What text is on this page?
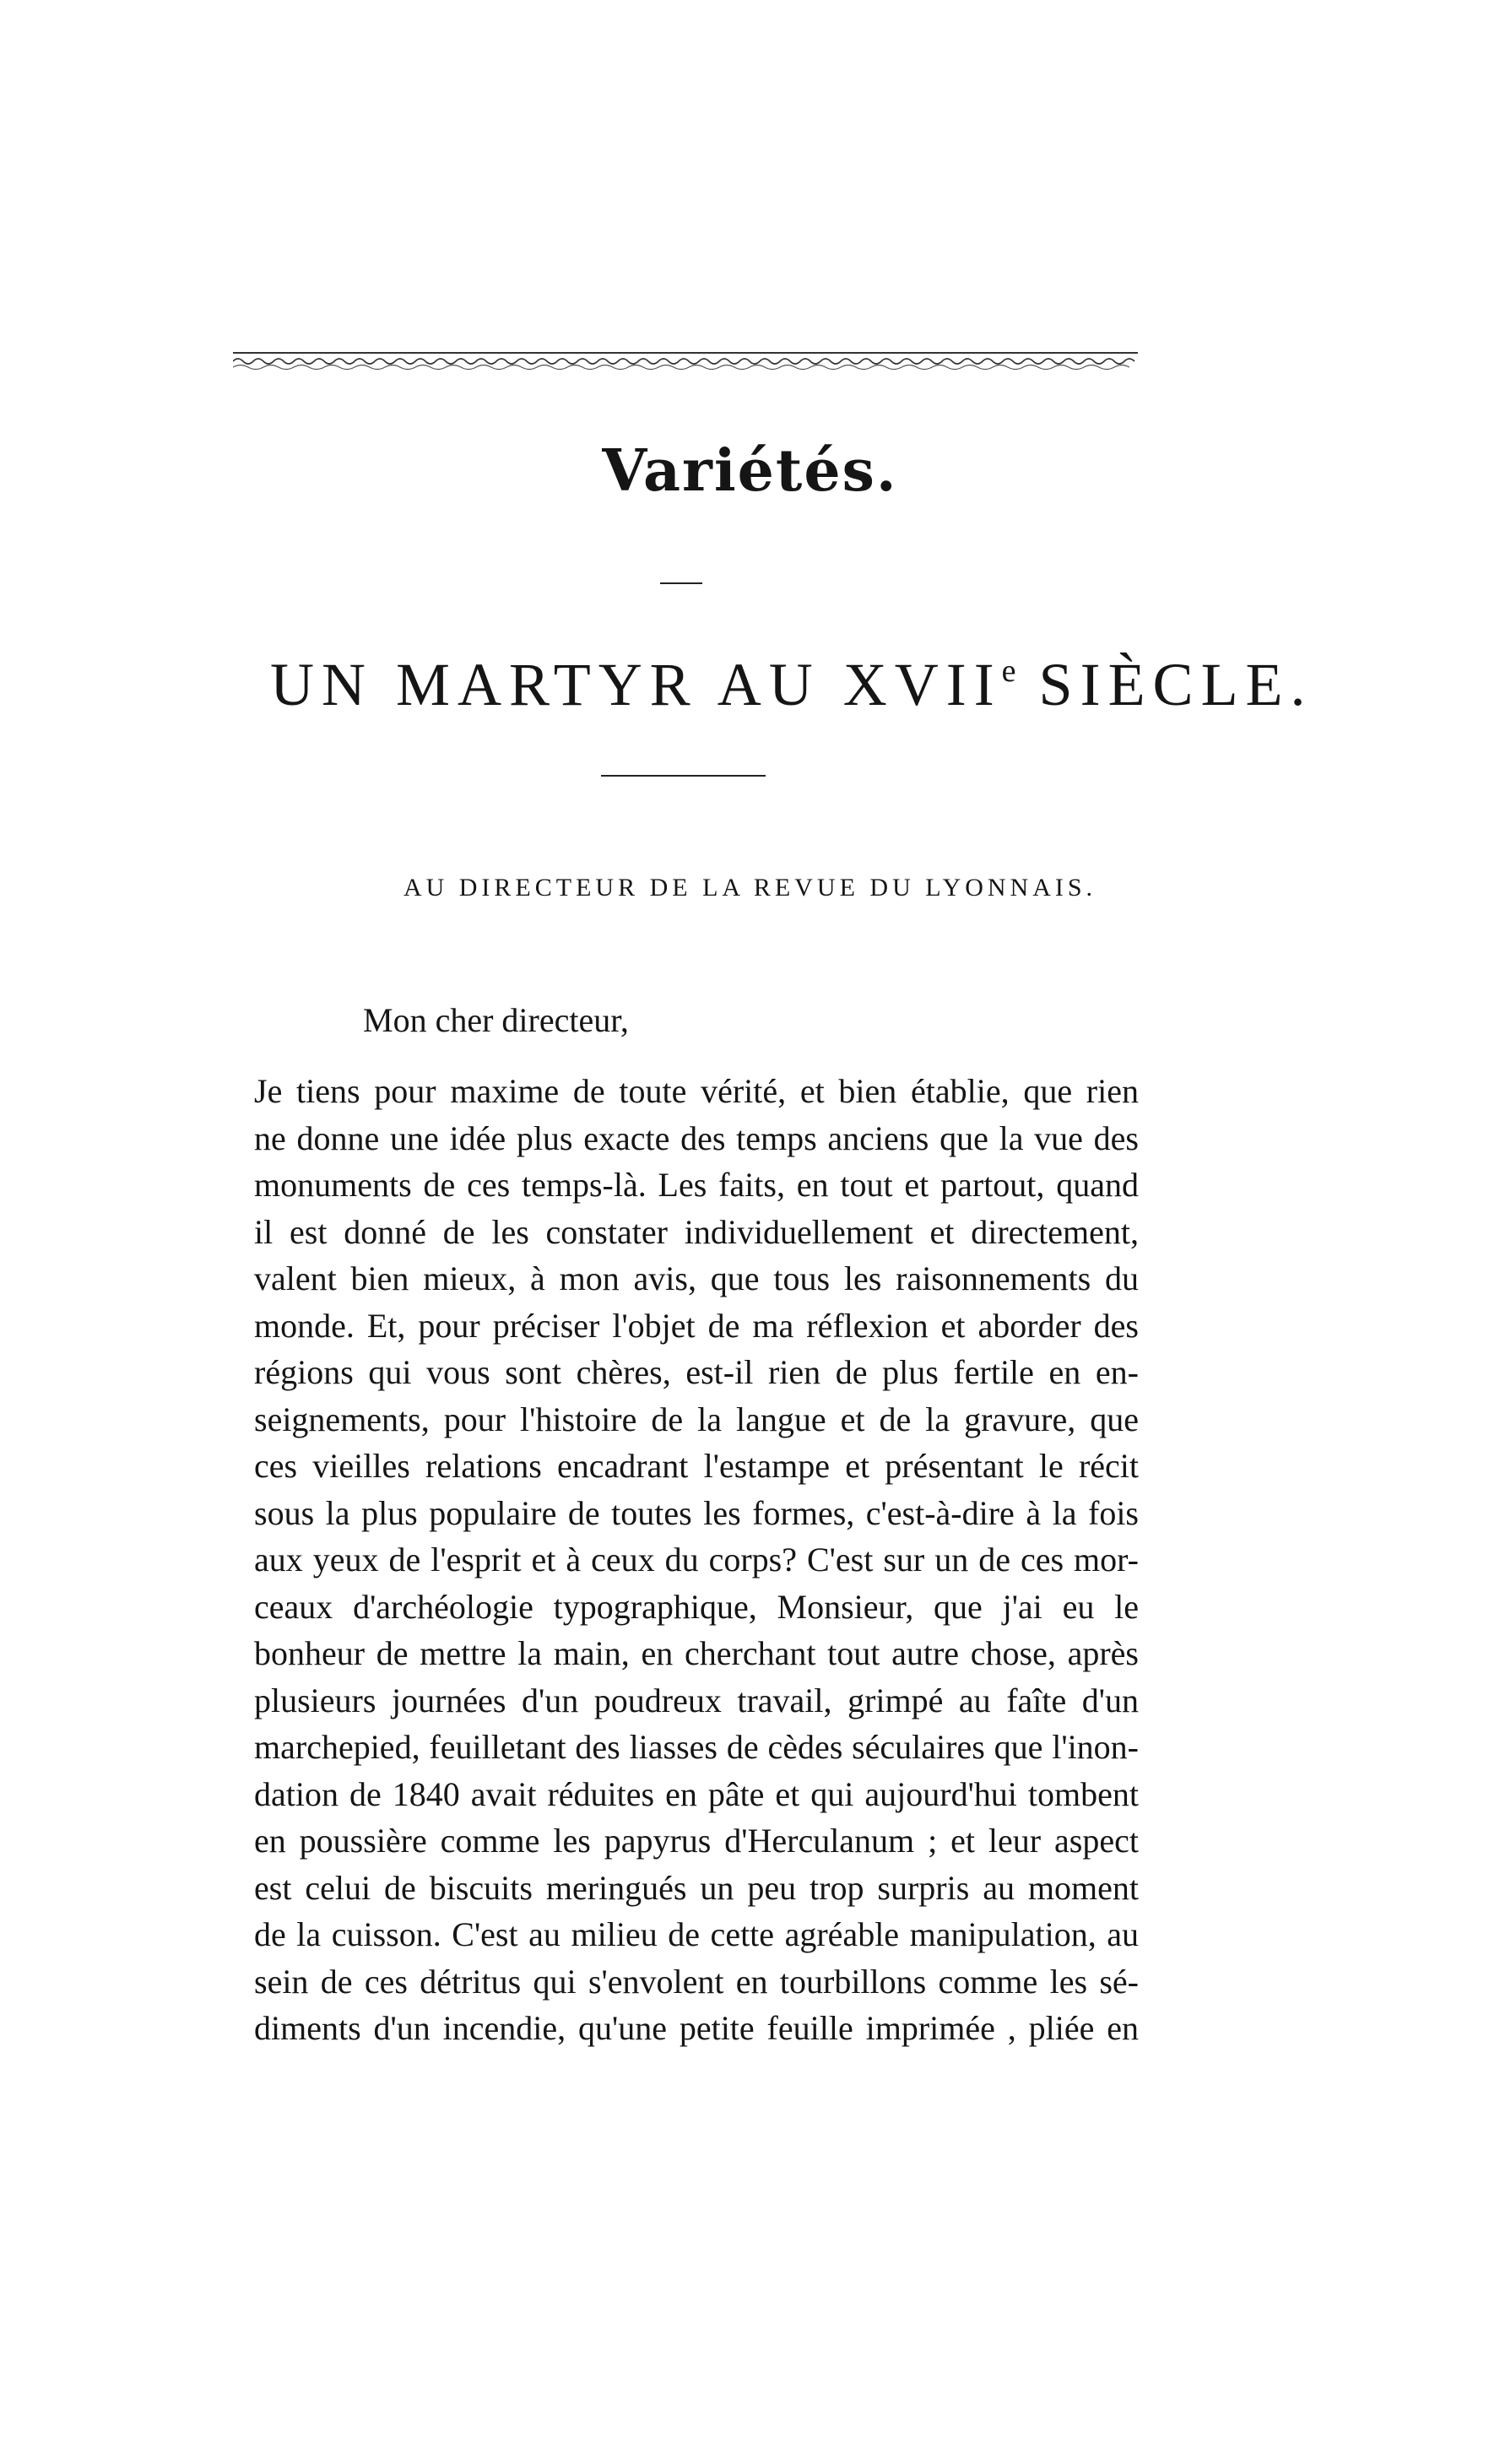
Variétés.
UN MARTYR AU XVIIe SIÈCLE.
AU DIRECTEUR DE LA REVUE DU LYONNAIS.
Mon cher directeur,
Je tiens pour maxime de toute vérité, et bien établie, que rien
ne donne une idée plus exacte des temps anciens que la vue des
monuments de ces temps-là. Les faits, en tout et partout, quand
il est donné de les constater individuellement et directement,
valent bien mieux, à mon avis, que tous les raisonnements du
monde. Et, pour préciser l'objet de ma réflexion et aborder des
régions qui vous sont chères, est-il rien de plus fertile en en-
seignements, pour l'histoire de la langue et de la gravure, que
ces vieilles relations encadrant l'estampe et présentant le récit
sous la plus populaire de toutes les formes, c'est-à-dire à la fois
aux yeux de l'esprit et à ceux du corps? C'est sur un de ces mor-
ceaux d'archéologie typographique, Monsieur, que j'ai eu le
bonheur de mettre la main, en cherchant tout autre chose, après
plusieurs journées d'un poudreux travail, grimpé au faîte d'un
marchepied, feuilletant des liasses de cèdes séculaires que l'inon-
dation de 1840 avait réduites en pâte et qui aujourd'hui tombent
en poussière comme les papyrus d'Herculanum ; et leur aspect
est celui de biscuits meringués un peu trop surpris au moment
de la cuisson. C'est au milieu de cette agréable manipulation, au
sein de ces détritus qui s'envolent en tourbillons comme les sé-
diments d'un incendie, qu'une petite feuille imprimée , pliée en
